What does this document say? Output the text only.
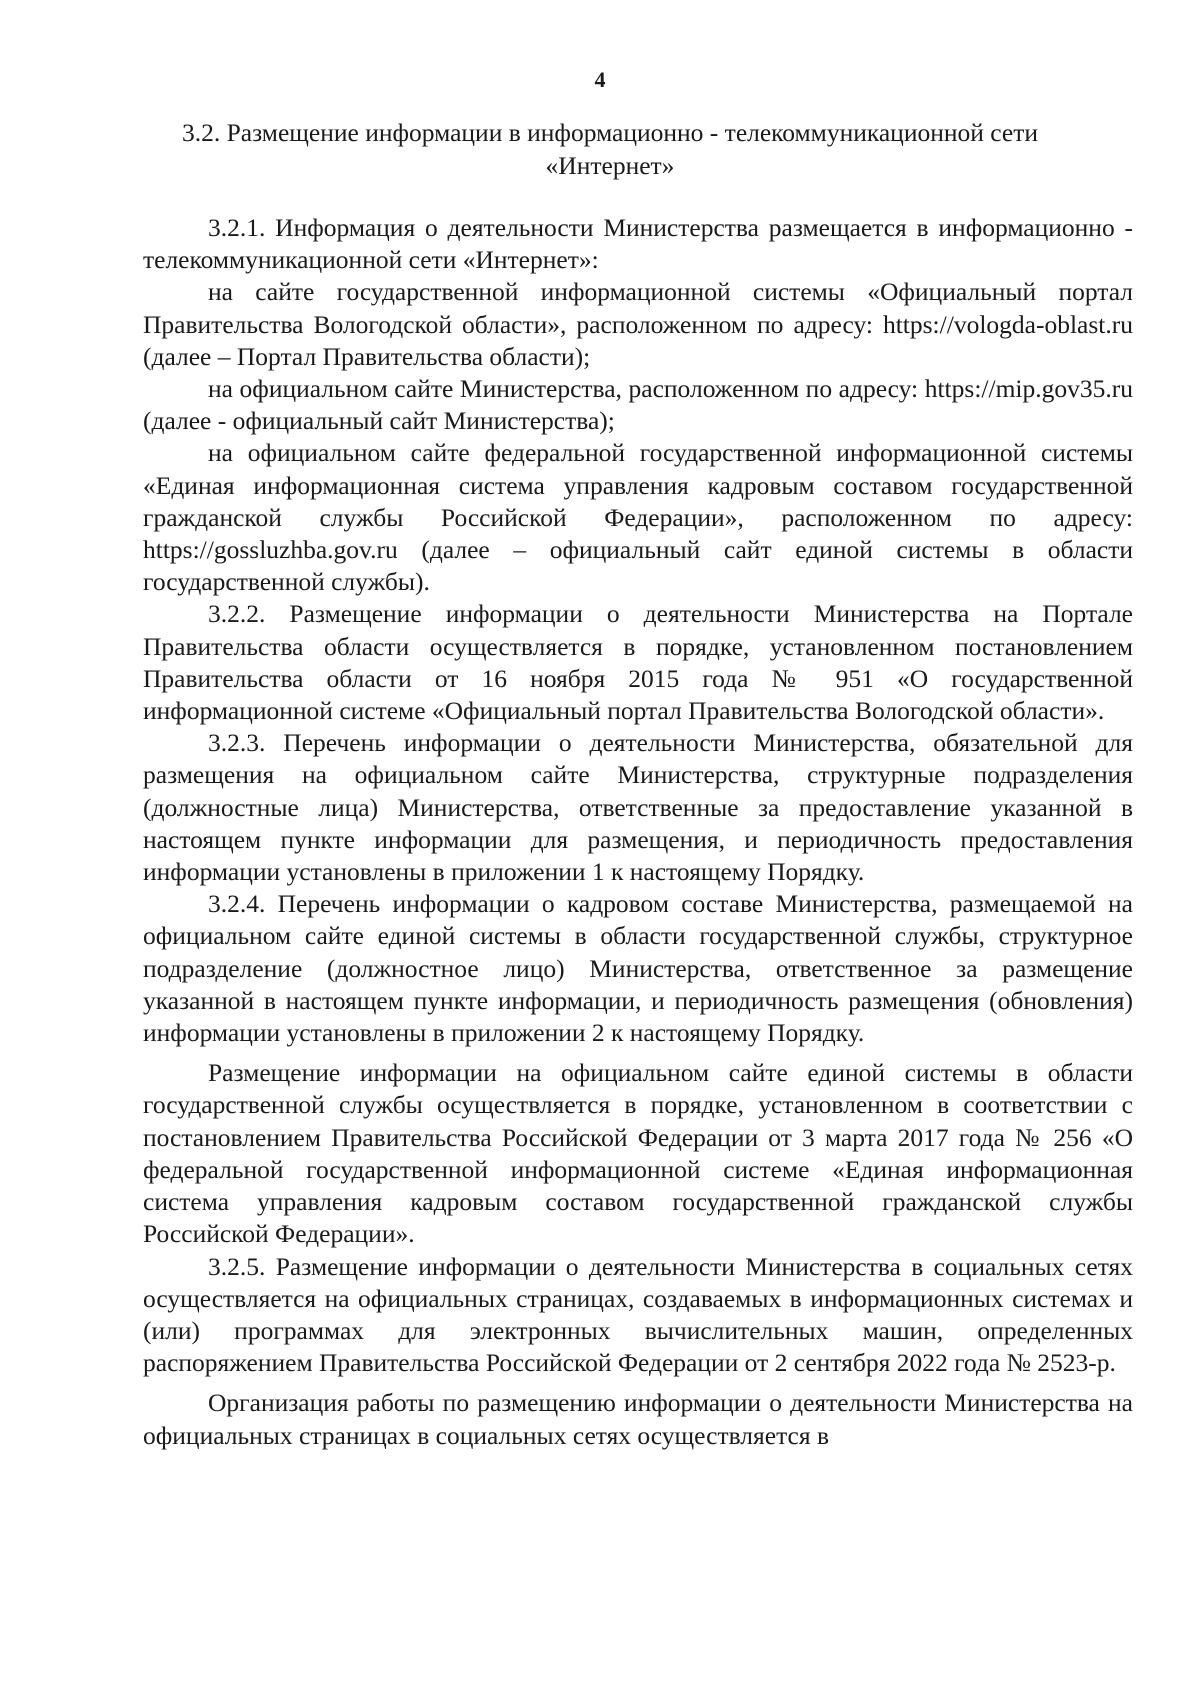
4
3.2. Размещение информации в информационно - телекоммуникационной сети
«Интернет»

3.2.1. Информация о деятельности Министерства размещается в информационно - телекоммуникационной сети «Интернет»:

на сайте государственной информационной системы «Официальный портал Правительства Вологодской области», расположенном по адресу: https://vologda-oblast.ru (далее – Портал Правительства области);

на официальном сайте Министерства, расположенном по адресу: https://mip.gov35.ru (далее - официальный сайт Министерства);

на официальном сайте федеральной государственной информационной системы «Единая информационная система управления кадровым составом государственной гражданской службы Российской Федерации», расположенном по адресу: https://gossluzhba.gov.ru (далее – официальный сайт единой системы в области государственной службы).

3.2.2. Размещение информации о деятельности Министерства на Портале Правительства области осуществляется в порядке, установленном постановлением Правительства области от 16 ноября 2015 года № 951 «О государственной информационной системе «Официальный портал Правительства Вологодской области».

3.2.3. Перечень информации о деятельности Министерства, обязательной для размещения на официальном сайте Министерства, структурные подразделения (должностные лица) Министерства, ответственные за предоставление указанной в настоящем пункте информации для размещения, и периодичность предоставления информации установлены в приложении 1 к настоящему Порядку.

3.2.4. Перечень информации о кадровом составе Министерства, размещаемой на официальном сайте единой системы в области государственной службы, структурное подразделение (должностное лицо) Министерства, ответственное за размещение указанной в настоящем пункте информации, и периодичность размещения (обновления) информации установлены в приложении 2 к настоящему Порядку.

Размещение информации на официальном сайте единой системы в области государственной службы осуществляется в порядке, установленном в соответствии с постановлением Правительства Российской Федерации от 3 марта 2017 года № 256 «О федеральной государственной информационной системе «Единая информационная система управления кадровым составом государственной гражданской службы Российской Федерации».

3.2.5. Размещение информации о деятельности Министерства в социальных сетях осуществляется на официальных страницах, создаваемых в информационных системах и (или) программах для электронных вычислительных машин, определенных распоряжением Правительства Российской Федерации от 2 сентября 2022 года № 2523-р.

Организация работы по размещению информации о деятельности Министерства на официальных страницах в социальных сетях осуществляется в
